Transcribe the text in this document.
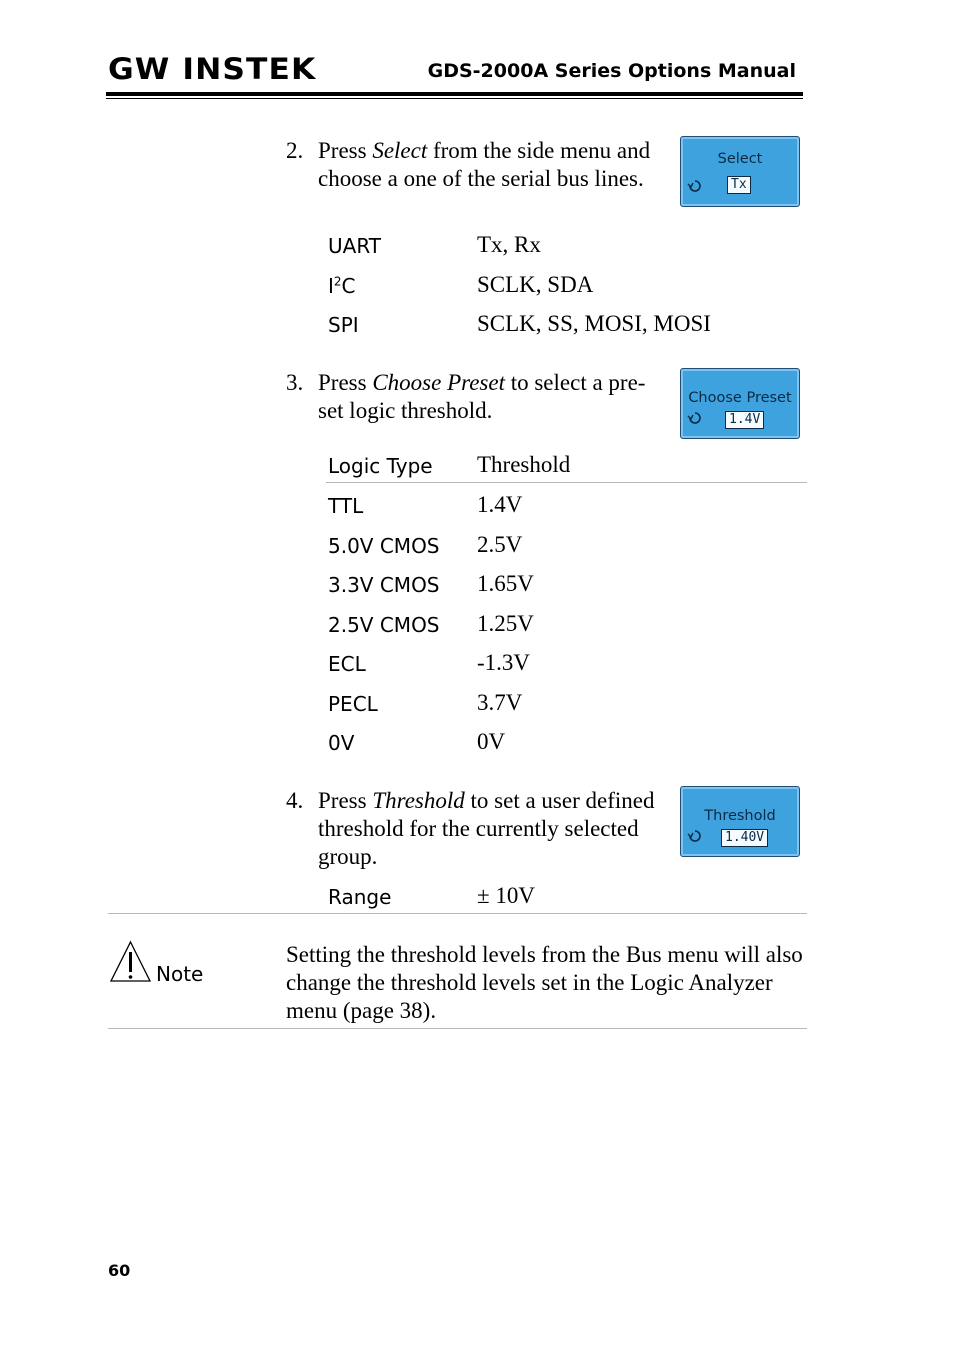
GW INSTEK	GDS-2000A Series Options Manual
2. Press Select from the side menu and choose a one of the serial bus lines.
Select
Tx
UART	Tx, Rx
$I^2C$	SCLK, SDA
SPI	SCLK, SS, MOSI, MOSI
3. Press Choose Preset to select a pre-set logic threshold.	Choose Preset
1.4V
Logic Type Threshold
TTL	1.4V
5.0V CMOS 2.5V
3.3V CMOS 1.65V
2.5V CMOS 1.25V
ECL	-1.3V
PECL	3.7V
0V	0V
4. Press Threshold to set a user defined threshold for the currently selected group.
Threshold
1.40V
Range	± 10V
Note
Setting the threshold levels from the Bus menu will also change the threshold levels set in the Logic Analyzer menu (page 38).
60
